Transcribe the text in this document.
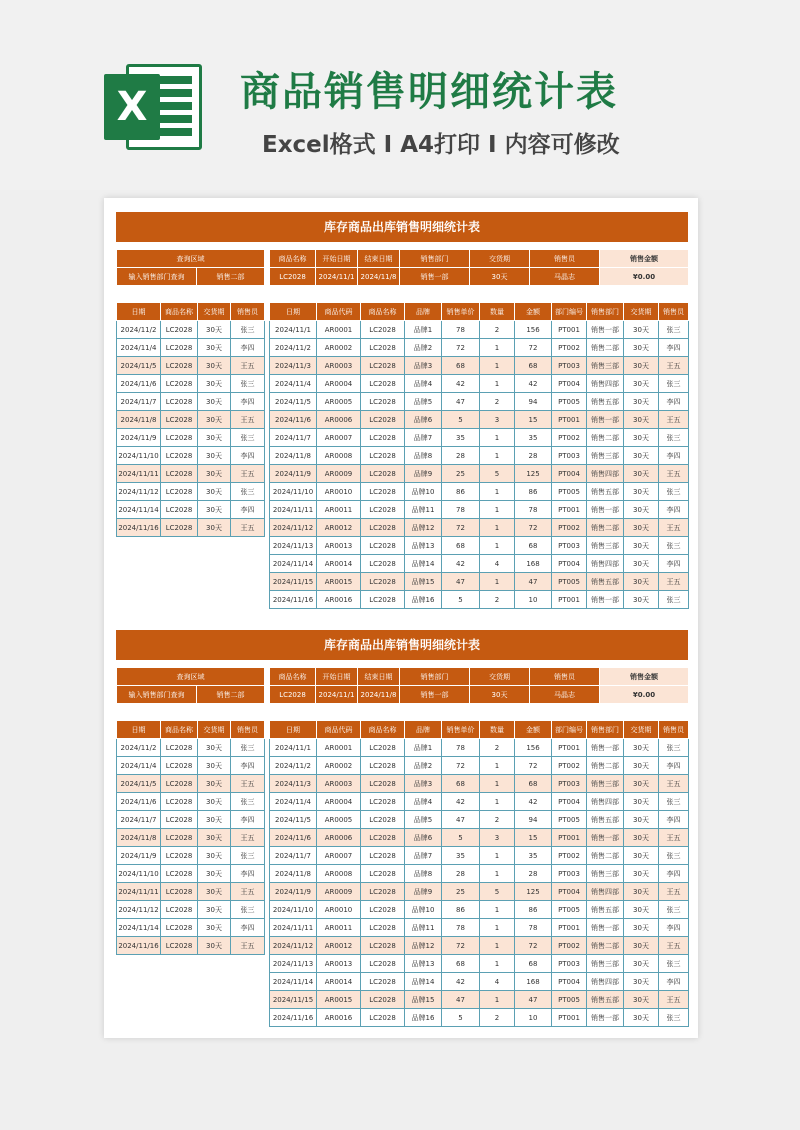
X	商品销售明细统计表
Excel格式 Ⅰ A4打印 Ⅰ 内容可修改
库存商品出库销售明细统计表
查询区域
输入销售部门查询	销售二部
商品名称	开始日期	结束日期	销售部门	交货期	销售员	销售金额
LC2028	2024/11/1	2024/11/8	销售一部	30天	马晶志	¥0.00
日期	商品名称	交货期	销售员
2024/11/2	LC2028	30天	张三
2024/11/4	LC2028	30天	李四
2024/11/5	LC2028	30天	王五
2024/11/6	LC2028	30天	张三
2024/11/7	LC2028	30天	李四
2024/11/8	LC2028	30天	王五
2024/11/9	LC2028	30天	张三
2024/11/10	LC2028	30天	李四
2024/11/11	LC2028	30天	王五
2024/11/12	LC2028	30天	张三
2024/11/14	LC2028	30天	李四
2024/11/16	LC2028	30天	王五
日期	商品代码	商品名称	品牌	销售单价	数量	金额	部门编号	销售部门	交货期	销售员
2024/11/1	AR0001	LC2028	品牌1	78	2	156	PT001	销售一部	30天	张三
2024/11/2	AR0002	LC2028	品牌2	72	1	72	PT002	销售二部	30天	李四
2024/11/3	AR0003	LC2028	品牌3	68	1	68	PT003	销售三部	30天	王五
2024/11/4	AR0004	LC2028	品牌4	42	1	42	PT004	销售四部	30天	张三
2024/11/5	AR0005	LC2028	品牌5	47	2	94	PT005	销售五部	30天	李四
2024/11/6	AR0006	LC2028	品牌6	5	3	15	PT001	销售一部	30天	王五
2024/11/7	AR0007	LC2028	品牌7	35	1	35	PT002	销售二部	30天	张三
2024/11/8	AR0008	LC2028	品牌8	28	1	28	PT003	销售三部	30天	李四
2024/11/9	AR0009	LC2028	品牌9	25	5	125	PT004	销售四部	30天	王五
2024/11/10	AR0010	LC2028	品牌10	86	1	86	PT005	销售五部	30天	张三
2024/11/11	AR0011	LC2028	品牌11	78	1	78	PT001	销售一部	30天	李四
2024/11/12	AR0012	LC2028	品牌12	72	1	72	PT002	销售二部	30天	王五
2024/11/13	AR0013	LC2028	品牌13	68	1	68	PT003	销售三部	30天	张三
2024/11/14	AR0014	LC2028	品牌14	42	4	168	PT004	销售四部	30天	李四
2024/11/15	AR0015	LC2028	品牌15	47	1	47	PT005	销售五部	30天	王五
2024/11/16	AR0016	LC2028	品牌16	5	2	10	PT001	销售一部	30天	张三
库存商品出库销售明细统计表
查询区域
输入销售部门查询	销售二部
商品名称	开始日期	结束日期	销售部门	交货期	销售员	销售金额
LC2028	2024/11/1	2024/11/8	销售一部	30天	马晶志	¥0.00
日期	商品名称	交货期	销售员
2024/11/2	LC2028	30天	张三
2024/11/4	LC2028	30天	李四
2024/11/5	LC2028	30天	王五
2024/11/6	LC2028	30天	张三
2024/11/7	LC2028	30天	李四
2024/11/8	LC2028	30天	王五
2024/11/9	LC2028	30天	张三
2024/11/10	LC2028	30天	李四
2024/11/11	LC2028	30天	王五
2024/11/12	LC2028	30天	张三
2024/11/14	LC2028	30天	李四
2024/11/16	LC2028	30天	王五
日期	商品代码	商品名称	品牌	销售单价	数量	金额	部门编号	销售部门	交货期	销售员
2024/11/1	AR0001	LC2028	品牌1	78	2	156	PT001	销售一部	30天	张三
2024/11/2	AR0002	LC2028	品牌2	72	1	72	PT002	销售二部	30天	李四
2024/11/3	AR0003	LC2028	品牌3	68	1	68	PT003	销售三部	30天	王五
2024/11/4	AR0004	LC2028	品牌4	42	1	42	PT004	销售四部	30天	张三
2024/11/5	AR0005	LC2028	品牌5	47	2	94	PT005	销售五部	30天	李四
2024/11/6	AR0006	LC2028	品牌6	5	3	15	PT001	销售一部	30天	王五
2024/11/7	AR0007	LC2028	品牌7	35	1	35	PT002	销售二部	30天	张三
2024/11/8	AR0008	LC2028	品牌8	28	1	28	PT003	销售三部	30天	李四
2024/11/9	AR0009	LC2028	品牌9	25	5	125	PT004	销售四部	30天	王五
2024/11/10	AR0010	LC2028	品牌10	86	1	86	PT005	销售五部	30天	张三
2024/11/11	AR0011	LC2028	品牌11	78	1	78	PT001	销售一部	30天	李四
2024/11/12	AR0012	LC2028	品牌12	72	1	72	PT002	销售二部	30天	王五
2024/11/13	AR0013	LC2028	品牌13	68	1	68	PT003	销售三部	30天	张三
2024/11/14	AR0014	LC2028	品牌14	42	4	168	PT004	销售四部	30天	李四
2024/11/15	AR0015	LC2028	品牌15	47	1	47	PT005	销售五部	30天	王五
2024/11/16	AR0016	LC2028	品牌16	5	2	10	PT001	销售一部	30天	张三
